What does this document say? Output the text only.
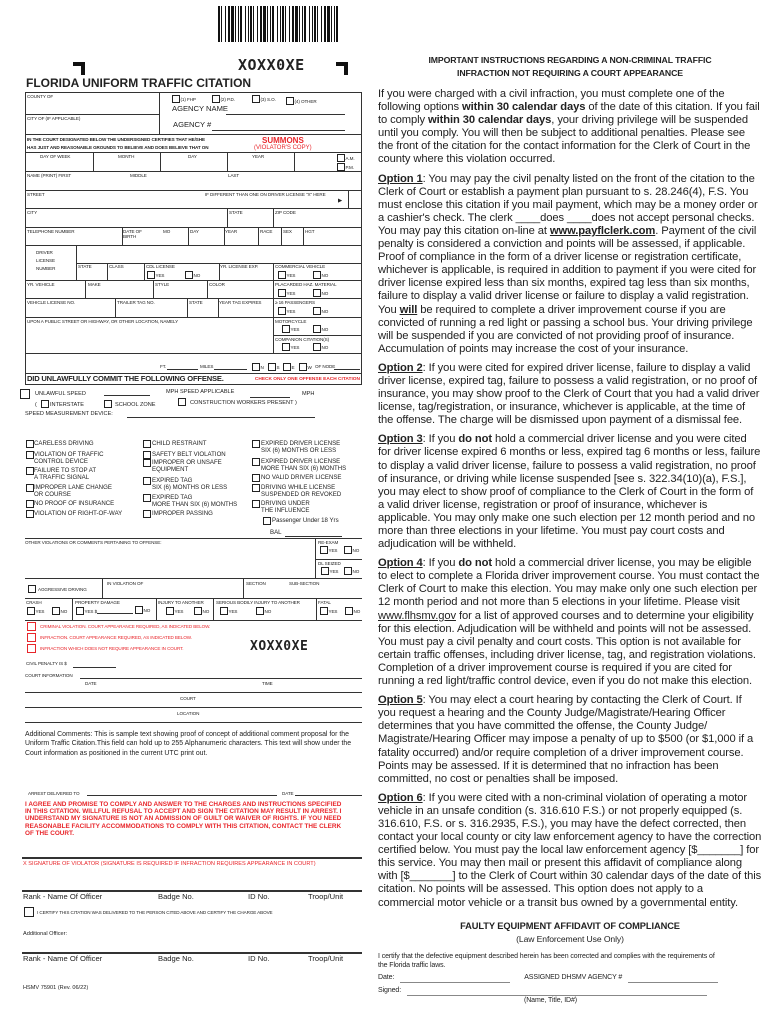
XOXX0XE
FLORIDA UNIFORM TRAFFIC CITATION
XOXX0XE
COUNTY OF
CITY OF (IF APPLICABLE)
(1) FHP	(2) P.D.	(3) S.O.	(4) OTHER
AGENCY NAME
AGENCY #
IN THE COURT DESIGNATED BELOW THE UNDERSIGNED CERTIFIES THAT HE/SHE
HAS JUST AND REASONABLE GROUNDS TO BELIEVE AND DOES BELIEVE THAT ON
SUMMONS
(VIOLATOR'S COPY)
DAY OF WEEK	MONTH	DAY	YEAR	A.M.
P.M.
NAME (PRINT) FIRST	MIDDLE	LAST
STREET	IF DIFFERENT THAN ONE ON DRIVER LICENSE "X" HERE
▶
CITY	STATE	ZIP CODE
TELEPHONE NUMBER	DATE OF
BIRTH
MO	DAY	YEAR	RACE SEX	HGT
DRIVER
LICENSE
NUMBER	STATE	CLASS	CDL LICENSE
YES	NO
YR. LICENSE EXP.	COMMERCIAL VEHICLE
YES	NO
YR. VEHICLE	MAKE	STYLE	COLOR	PLACARDED HAZ. MATERIAL
YES	NO
VEHICLE LICENSE NO.	TRAILER TAG NO.	STATE	YEAR TAG EXPIRES	≥ 16 PASSENGERS
YES	NO
UPON A PUBLIC STREET OR HIGHWAY, OR OTHER LOCATION, NAMELY	MOTORCYCLE
YES	NO
COMPANION CITATION(S)
YES	NO
FT.	MILES	N	S	E	W OF NODE
DID UNLAWFULLY COMMIT THE FOLLOWING OFFENSE.	CHECK ONLY ONE OFFENSE EACH CITATION
UNLAWFUL SPEED	MPH SPEED APPLICABLE	MPH
( INTERSTATE	SCHOOL ZONE	CONSTRUCTION WORKERS PRESENT )
SPEED MEASUREMENT DEVICE:
CARELESS DRIVING
VIOLATION OF TRAFFIC
CONTROL DEVICE
FAILURE TO STOP AT
A TRAFFIC SIGNAL
IMPROPER LANE CHANGE
OR COURSE
NO PROOF OF INSURANCE
VIOLATION OF RIGHT-OF-WAY
CHILD RESTRAINT
SAFETY BELT VIOLATION
IMPROPER OR UNSAFE
EQUIPMENT
EXPIRED TAG
SIX (6) MONTHS OR LESS
EXPIRED TAG
MORE THAN SIX (6) MONTHS
IMPROPER PASSING
EXPIRED DRIVER LICENSE
SIX (6) MONTHS OR LESS
EXPIRED DRIVER LICENSE
MORE THAN SIX (6) MONTHS
NO VALID DRIVER LICENSE
DRIVING WHILE LICENSE
SUSPENDED OR REVOKED
DRIVING UNDER
THE INFLUENCE
Passenger Under 18 Yrs
BAL
OTHER VIOLATIONS OR COMMENTS PERTAINING TO OFFENSE:	RE-EXAM
YES	NO
DL SEIZED
YES	NO
AGGRESSIVE DRIVING
IN VIOLATION OF	SECTION	SUB-SECTION
CRASH
YES	NO
PROPERTY DAMAGE
YES $	NO
INJURY TO ANOTHER
YES	NO
SERIOUS BODILY INJURY TO ANOTHER
YES	NO
FATAL
YES	NO
CRIMINAL VIOLATION. COURT APPEARANCE REQUIRED, AS INDICATED BELOW.
INFRACTION. COURT APPEARANCE REQUIRED, AS INDICATED BELOW.
INFRACTION WHICH DOES NOT REQUIRE APPEARANCE IN COURT.
CIVIL PENALTY IS $
COURT INFORMATION
DATE	TIME
COURT
LOCATION
Additional Comments: This is sample text showing proof of concept of additional comment proposal for the Uniform Traffic Citation.This field can hold up to 255 Alphanumeric characters. This text will show under the Court information as positioned in the current UTC print out.
ARREST DELIVERED TO	DATE
I AGREE AND PROMISE TO COMPLY AND ANSWER TO THE CHARGES AND INSTRUCTIONS SPECIFIED IN THIS CITATION. WILLFUL REFUSAL TO ACCEPT AND SIGN THE CITATION MAY RESULT IN ARREST. I UNDERSTAND MY SIGNATURE IS NOT AN ADMISSION OF GUILT OR WAIVER OF RIGHTS. IF YOU NEED REASONABLE FACILITY ACCOMMODATIONS TO COMPLY WITH THIS CITATION, CONTACT THE CLERK OF THE COURT.
X SIGNATURE OF VIOLATOR (SIGNATURE IS REQUIRED IF INFRACTION REQUIRES APPEARANCE IN COURT)
Rank - Name Of Officer	Badge No.	ID No.	Troop/Unit
I CERTIFY THIS CITATION WAS DELIVERED TO THE PERSON CITED ABOVE AND CERTIFY THE CHARGE ABOVE
Additional Officer:
Rank - Name Of Officer	Badge No.	ID No.	Troop/Unit
HSMV 75901 (Rev. 06/22)
IMPORTANT INSTRUCTIONS REGARDING A NON-CRIMINAL TRAFFIC
INFRACTION NOT REQUIRING A COURT APPEARANCE
If you were charged with a civil infraction, you must complete one of the following options within 30 calendar days of the date of this citation. If you fail to comply within 30 calendar days, your driving privilege will be suspended until you comply. You will then be subject to additional penalties. Please see the front of the citation for the contact information for the Clerk of Court in the county where this violation occurred.
Option 1: You may pay the civil penalty listed on the front of the citation to the Clerk of Court or establish a payment plan pursuant to s. 28.246(4), F.S. You must enclose this citation if you mail payment, which may be a money order or a cashier's check. The clerk ____does ____does not accept personal checks. You may pay this citation on-line at www.payflclerk.com. Payment of the civil penalty is considered a conviction and points will be assessed, if applicable. Proof of compliance in the form of a driver license or registration certificate, whichever is applicable, is required in addition to payment if you were cited for driver license expired less than six months, expired tag less than six months, failure to display a valid driver license or failure to display a valid registration. You will be required to complete a driver improvement course if you are convicted of running a red light or passing a school bus. Your driving privilege will be suspended if you are convicted of not providing proof of insurance. Accumulation of points may increase the cost of your insurance.
Option 2: If you were cited for expired driver license, failure to display a valid driver license, expired tag, failure to possess a valid registration, or no proof of insurance, you may show proof to the Clerk of Court that you had a valid driver license, tag/registration, or insurance, whichever is applicable, at the time of the offense. The charge will be dismissed upon payment of a dismissal fee.
Option 3: If you do not hold a commercial driver license and you were cited for driver license expired 6 months or less, expired tag 6 months or less, failure to display a valid driver license, failure to possess a valid registration, no proof of insurance, or driving while license suspended [see s. 322.34(10)(a), F.S.], you may elect to show proof of compliance to the Clerk of Court in the form of a valid driver license, registration or proof of insurance, whichever is applicable. You may only make one such election per 12 month period and no more than three elections in your lifetime. You must pay court costs and adjudication will be withheld.
Option 4: If you do not hold a commercial driver license, you may be eligible to elect to complete a Florida driver improvement course. You must contact the Clerk of Court to make this election. You may make only one such election per 12 month period and not more than 5 elections in your lifetime. Please visit www.flhsmv.gov for a list of approved courses and to determine your eligibility for this election. Adjudication will be withheld and points will not be assessed. You must pay a civil penalty and court costs. This option is not available for certain traffic offenses, including driver license, tag, and registration violations. Completion of a driver improvement course is required if you are cited for running a red light/traffic control device, even if you do not make this election.
Option 5: You may elect a court hearing by contacting the Clerk of Court. If you request a hearing and the County Judge/Magistrate/Hearing Officer determines that you have committed the offense, the County Judge/ Magistrate/Hearing Officer may impose a penalty of up to $500 (or $1,000 if a fatality occurred) and/or require completion of a driver improvement course. Points may be assessed. If it is determined that no infraction has been committed, no cost or penalties shall be imposed.
Option 6: If you were cited with a non-criminal violation of operating a motor vehicle in an unsafe condition (s. 316.610 F.S.) or not properly equipped (s. 316.610, F.S. or s. 316.2935, F.S.), you may have the defect corrected, then contact your local county or city law enforcement agency to have the correction certified below. You must pay the local law enforcement agency [$_______] for this service. You may then mail or present this affidavit of compliance along with [$_______] to the Clerk of Court within 30 calendar days of the date of this citation. No points will be assessed. This option does not apply to a commercial motor vehicle or a transit bus owned by a governmental entity.
FAULTY EQUIPMENT AFFIDAVIT OF COMPLIANCE
(Law Enforcement Use Only)
I certify that the defective equipment described herein has been corrected and complies with the requirements of the Florida traffic laws.
Date:	ASSIGNED DHSMV AGENCY #
Signed:
(Name, Title, ID#)
